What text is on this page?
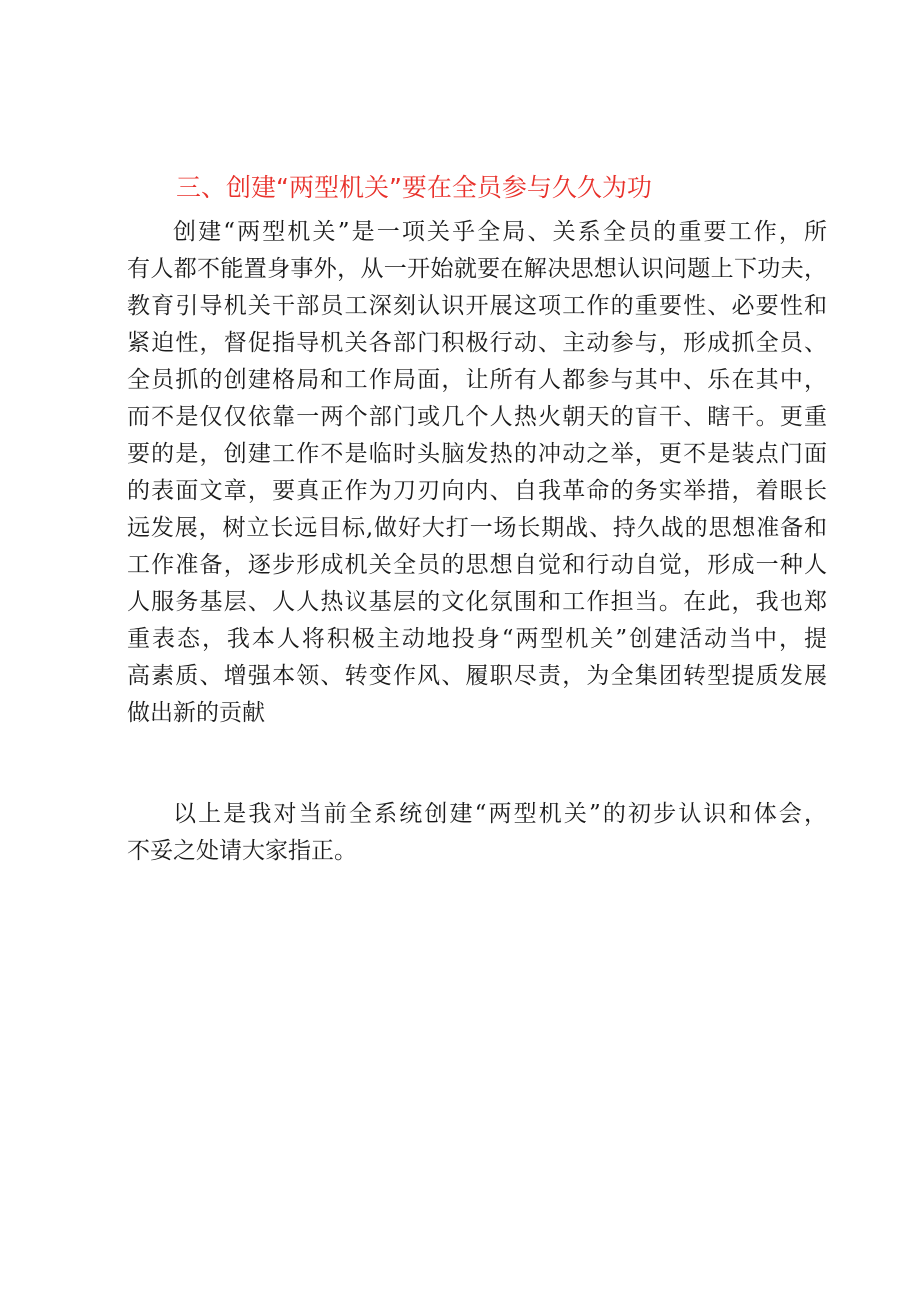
三、创建“两型机关”要在全员参与久久为功
创建“两型机关”是一项关乎全局、关系全员的重要工作，所
有人都不能置身事外，从一开始就要在解决思想认识问题上下功夫，
教育引导机关干部员工深刻认识开展这项工作的重要性、必要性和
紧迫性，督促指导机关各部门积极行动、主动参与，形成抓全员、
全员抓的创建格局和工作局面，让所有人都参与其中、乐在其中，
而不是仅仅依靠一两个部门或几个人热火朝天的盲干、瞎干。更重
要的是，创建工作不是临时头脑发热的冲动之举，更不是装点门面
的表面文章，要真正作为刀刃向内、自我革命的务实举措，着眼长
远发展，树立长远目标,做好大打一场长期战、持久战的思想准备和
工作准备，逐步形成机关全员的思想自觉和行动自觉，形成一种人
人服务基层、人人热议基层的文化氛围和工作担当。在此，我也郑
重表态，我本人将积极主动地投身“两型机关”创建活动当中，提
高素质、增强本领、转变作风、履职尽责，为全集团转型提质发展
做出新的贡献
以上是我对当前全系统创建“两型机关”的初步认识和体会，
不妥之处请大家指正。
